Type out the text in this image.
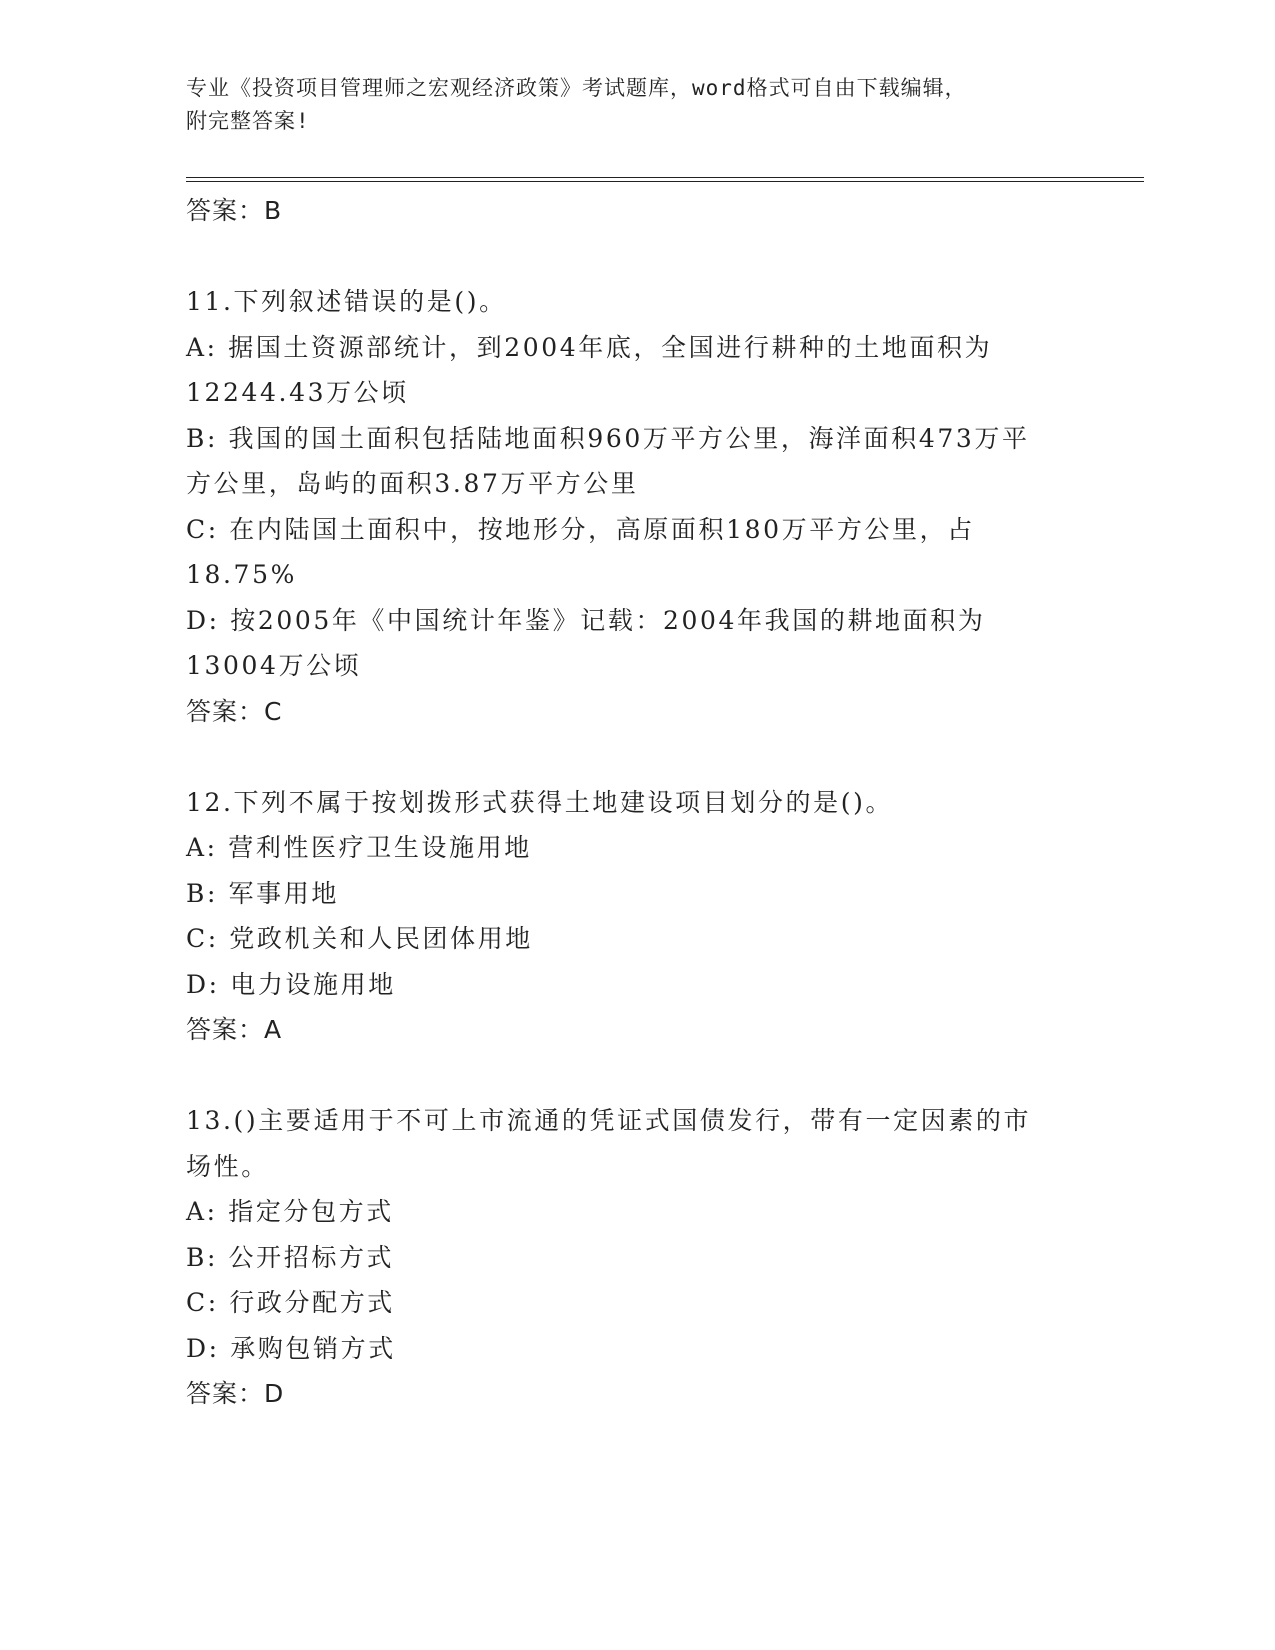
专业《投资项目管理师之宏观经济政策》考试题库，word格式可自由下载编辑，
附完整答案!
答案：B
11.下列叙述错误的是()。
A: 据国土资源部统计，到2004年底，全国进行耕种的土地面积为
12244.43万公顷
B: 我国的国土面积包括陆地面积960万平方公里，海洋面积473万平
方公里，岛屿的面积3.87万平方公里
C: 在内陆国土面积中，按地形分，高原面积180万平方公里，占
18.75%
D: 按2005年《中国统计年鉴》记载：2004年我国的耕地面积为
13004万公顷
答案：C
12.下列不属于按划拨形式获得土地建设项目划分的是()。
A: 营利性医疗卫生设施用地
B: 军事用地
C: 党政机关和人民团体用地
D: 电力设施用地
答案：A
13.()主要适用于不可上市流通的凭证式国债发行，带有一定因素的市
场性。
A: 指定分包方式
B: 公开招标方式
C: 行政分配方式
D: 承购包销方式
答案：D
